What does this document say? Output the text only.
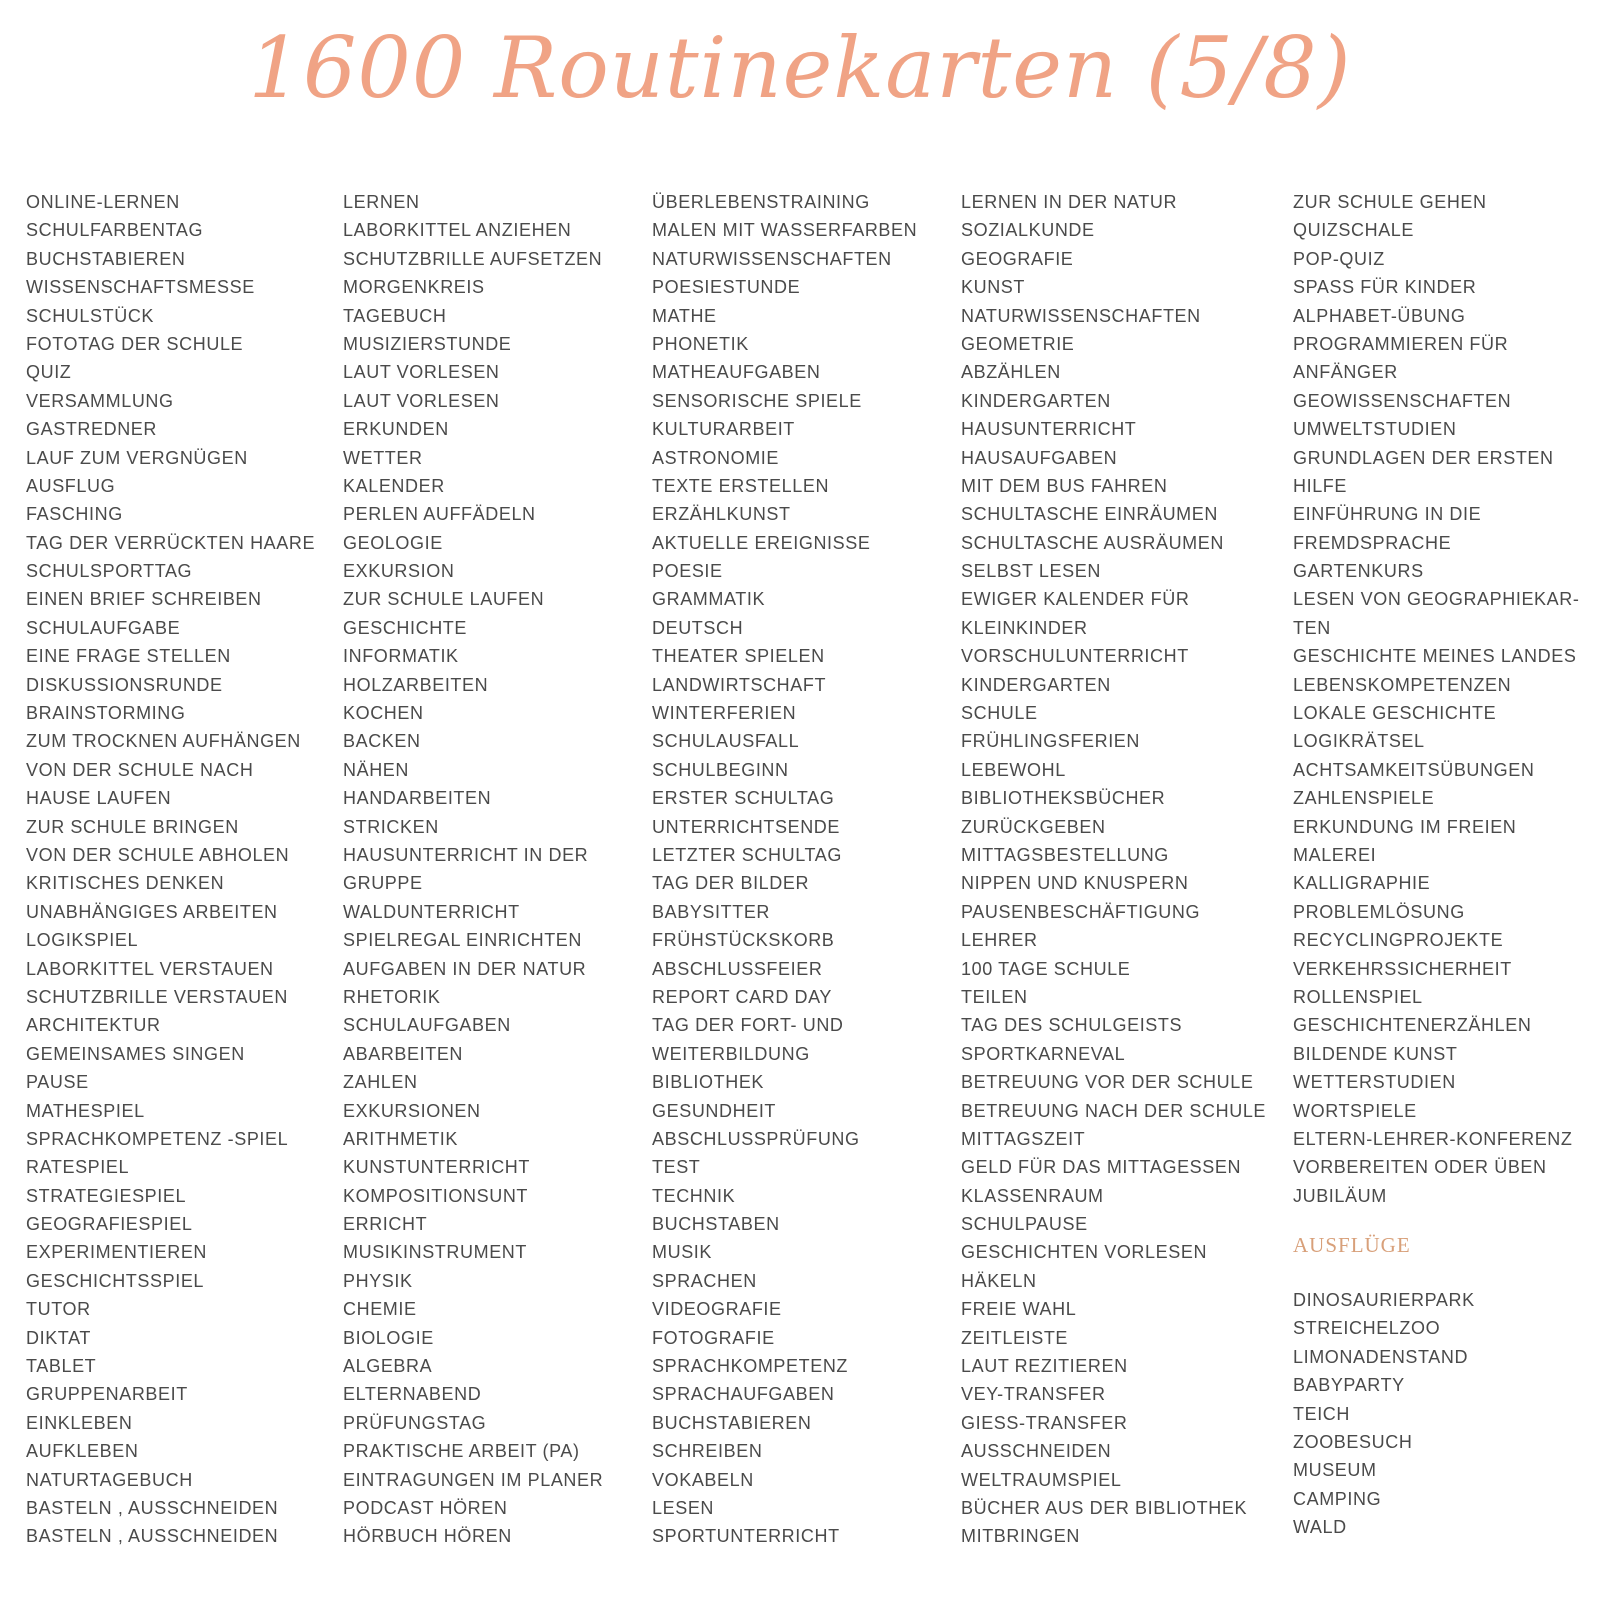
1600 Routinekarten (5/8)
ONLINE-LERNEN
SCHULFARBENTAG
BUCHSTABIEREN
WISSENSCHAFTSMESSE
SCHULSTÜCK
FOTOTAG DER SCHULE
QUIZ
VERSAMMLUNG
GASTREDNER
LAUF ZUM VERGNÜGEN
AUSFLUG
FASCHING
TAG DER VERRÜCKTEN HAARE
SCHULSPORTTAG
EINEN BRIEF SCHREIBEN
SCHULAUFGABE
EINE FRAGE STELLEN
DISKUSSIONSRUNDE
BRAINSTORMING
ZUM TROCKNEN AUFHÄNGEN
VON DER SCHULE NACH
HAUSE LAUFEN
ZUR SCHULE BRINGEN
VON DER SCHULE ABHOLEN
KRITISCHES DENKEN
UNABHÄNGIGES ARBEITEN
LOGIKSPIEL
LABORKITTEL VERSTAUEN
SCHUTZBRILLE VERSTAUEN
ARCHITEKTUR
GEMEINSAMES SINGEN
PAUSE
MATHESPIEL
SPRACHKOMPETENZ -SPIEL
RATESPIEL
STRATEGIESPIEL
GEOGRAFIESPIEL
EXPERIMENTIEREN
GESCHICHTSSPIEL
TUTOR
DIKTAT
TABLET
GRUPPENARBEIT
EINKLEBEN
AUFKLEBEN
NATURTAGEBUCH
BASTELN , AUSSCHNEIDEN
BASTELN , AUSSCHNEIDEN
LERNEN
LABORKITTEL ANZIEHEN
SCHUTZBRILLE AUFSETZEN
MORGENKREIS
TAGEBUCH
MUSIZIERSTUNDE
LAUT VORLESEN
LAUT VORLESEN
ERKUNDEN
WETTER
KALENDER
PERLEN AUFFÄDELN
GEOLOGIE
EXKURSION
ZUR SCHULE LAUFEN
GESCHICHTE
INFORMATIK
HOLZARBEITEN
KOCHEN
BACKEN
NÄHEN
HANDARBEITEN
STRICKEN
HAUSUNTERRICHT IN DER
GRUPPE
WALDUNTERRICHT
SPIELREGAL EINRICHTEN
AUFGABEN IN DER NATUR
RHETORIK
SCHULAUFGABEN
ABARBEITEN
ZAHLEN
EXKURSIONEN
ARITHMETIK
KUNSTUNTERRICHT
KOMPOSITIONSUNT
ERRICHT
MUSIKINSTRUMENT
PHYSIK
CHEMIE
BIOLOGIE
ALGEBRA
ELTERNABEND
PRÜFUNGSTAG
PRAKTISCHE ARBEIT (PA)
EINTRAGUNGEN IM PLANER
PODCAST HÖREN
HÖRBUCH HÖREN
ÜBERLEBENSTRAINING
MALEN MIT WASSERFARBEN
NATURWISSENSCHAFTEN
POESIESTUNDE
MATHE
PHONETIK
MATHEAUFGABEN
SENSORISCHE SPIELE
KULTURARBEIT
ASTRONOMIE
TEXTE ERSTELLEN
ERZÄHLKUNST
AKTUELLE EREIGNISSE
POESIE
GRAMMATIK
DEUTSCH
THEATER SPIELEN
LANDWIRTSCHAFT
WINTERFERIEN
SCHULAUSFALL
SCHULBEGINN
ERSTER SCHULTAG
UNTERRICHTSENDE
LETZTER SCHULTAG
TAG DER BILDER
BABYSITTER
FRÜHSTÜCKSKORB
ABSCHLUSSFEIER
REPORT CARD DAY
TAG DER FORT- UND
WEITERBILDUNG
BIBLIOTHEK
GESUNDHEIT
ABSCHLUSSPRÜFUNG
TEST
TECHNIK
BUCHSTABEN
MUSIK
SPRACHEN
VIDEOGRAFIE
FOTOGRAFIE
SPRACHKOMPETENZ
SPRACHAUFGABEN
BUCHSTABIEREN
SCHREIBEN
VOKABELN
LESEN
SPORTUNTERRICHT
LERNEN IN DER NATUR
SOZIALKUNDE
GEOGRAFIE
KUNST
NATURWISSENSCHAFTEN
GEOMETRIE
ABZÄHLEN
KINDERGARTEN
HAUSUNTERRICHT
HAUSAUFGABEN
MIT DEM BUS FAHREN
SCHULTASCHE EINRÄUMEN
SCHULTASCHE AUSRÄUMEN
SELBST LESEN
EWIGER KALENDER FÜR
KLEINKINDER
VORSCHULUNTERRICHT
KINDERGARTEN
SCHULE
FRÜHLINGSFERIEN
LEBEWOHL
BIBLIOTHEKSBÜCHER
ZURÜCKGEBEN
MITTAGSBESTELLUNG
NIPPEN UND KNUSPERN
PAUSENBESCHÄFTIGUNG
LEHRER
100 TAGE SCHULE
TEILEN
TAG DES SCHULGEISTS
SPORTKARNEVAL
BETREUUNG VOR DER SCHULE
BETREUUNG NACH DER SCHULE
MITTAGSZEIT
GELD FÜR DAS MITTAGESSEN
KLASSENRAUM
SCHULPAUSE
GESCHICHTEN VORLESEN
HÄKELN
FREIE WAHL
ZEITLEISTE
LAUT REZITIEREN
VEY-TRANSFER
GIESS-TRANSFER
AUSSCHNEIDEN
WELTRAUMSPIEL
BÜCHER AUS DER BIBLIOTHEK
MITBRINGEN
ZUR SCHULE GEHEN
QUIZSCHALE
POP-QUIZ
SPASS FÜR KINDER
ALPHABET-ÜBUNG
PROGRAMMIEREN FÜR
ANFÄNGER
GEOWISSENSCHAFTEN
UMWELTSTUDIEN
GRUNDLAGEN DER ERSTEN
HILFE
EINFÜHRUNG IN DIE
FREMDSPRACHE
GARTENKURS
LESEN VON GEOGRAPHIEKAR-
TEN
GESCHICHTE MEINES LANDES
LEBENSKOMPETENZEN
LOKALE GESCHICHTE
LOGIKRÄTSEL
ACHTSAMKEITSÜBUNGEN
ZAHLENSPIELE
ERKUNDUNG IM FREIEN
MALEREI
KALLIGRAPHIE
PROBLEMLÖSUNG
RECYCLINGPROJEKTE
VERKEHRSSICHERHEIT
ROLLENSPIEL
GESCHICHTENERZÄHLEN
BILDENDE KUNST
WETTERSTUDIEN
WORTSPIELE
ELTERN-LEHRER-KONFERENZ
VORBEREITEN ODER ÜBEN
JUBILÄUM
AUSFLÜGE
DINOSAURIERPARK
STREICHELZOO
LIMONADENSTAND
BABYPARTY
TEICH
ZOOBESUCH
MUSEUM
CAMPING
WALD
